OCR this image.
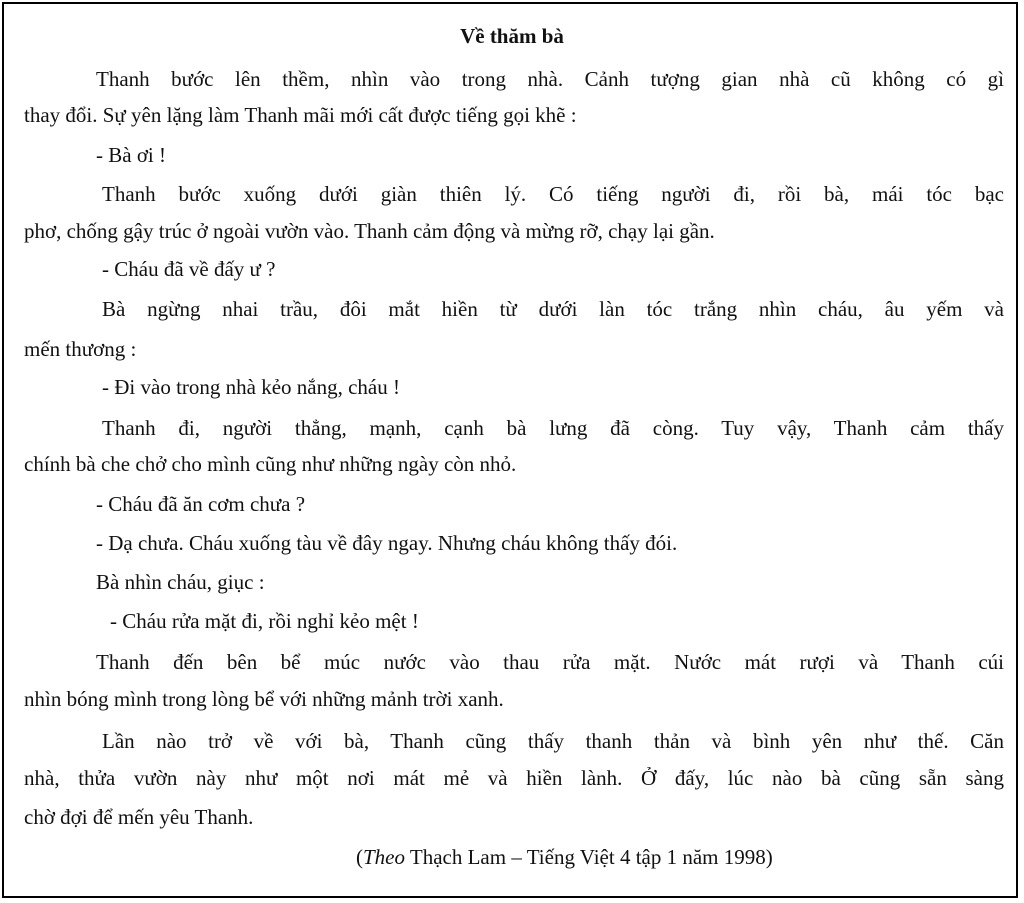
Về thăm bà
Thanh bước lên thềm, nhìn vào trong nhà. Cảnh tượng gian nhà cũ không có gì
thay đổi. Sự yên lặng làm Thanh mãi mới cất được tiếng gọi khẽ :
- Bà ơi !
Thanh bước xuống dưới giàn thiên lý. Có tiếng người đi, rồi bà, mái tóc bạc
phơ, chống gậy trúc ở ngoài vườn vào. Thanh cảm động và mừng rỡ, chạy lại gần.
- Cháu đã về đấy ư ?
Bà ngừng nhai trầu, đôi mắt hiền từ dưới làn tóc trắng nhìn cháu, âu yếm và
mến thương :
- Đi vào trong nhà kẻo nắng, cháu !
Thanh đi, người thẳng, mạnh, cạnh bà lưng đã còng. Tuy vậy, Thanh cảm thấy
chính bà che chở cho mình cũng như những ngày còn nhỏ.
- Cháu đã ăn cơm chưa ?
- Dạ chưa. Cháu xuống tàu về đây ngay. Nhưng cháu không thấy đói.
Bà nhìn cháu, giục :
- Cháu rửa mặt đi, rồi nghỉ kẻo mệt !
Thanh đến bên bể múc nước vào thau rửa mặt. Nước mát rượi và Thanh cúi
nhìn bóng mình trong lòng bể với những mảnh trời xanh.
Lần nào trở về với bà, Thanh cũng thấy thanh thản và bình yên như thế. Căn
nhà, thửa vườn này như một nơi mát mẻ và hiền lành. Ở đấy, lúc nào bà cũng sẵn sàng
chờ đợi để mến yêu Thanh.
(Theo Thạch Lam – Tiếng Việt 4 tập 1 năm 1998)
